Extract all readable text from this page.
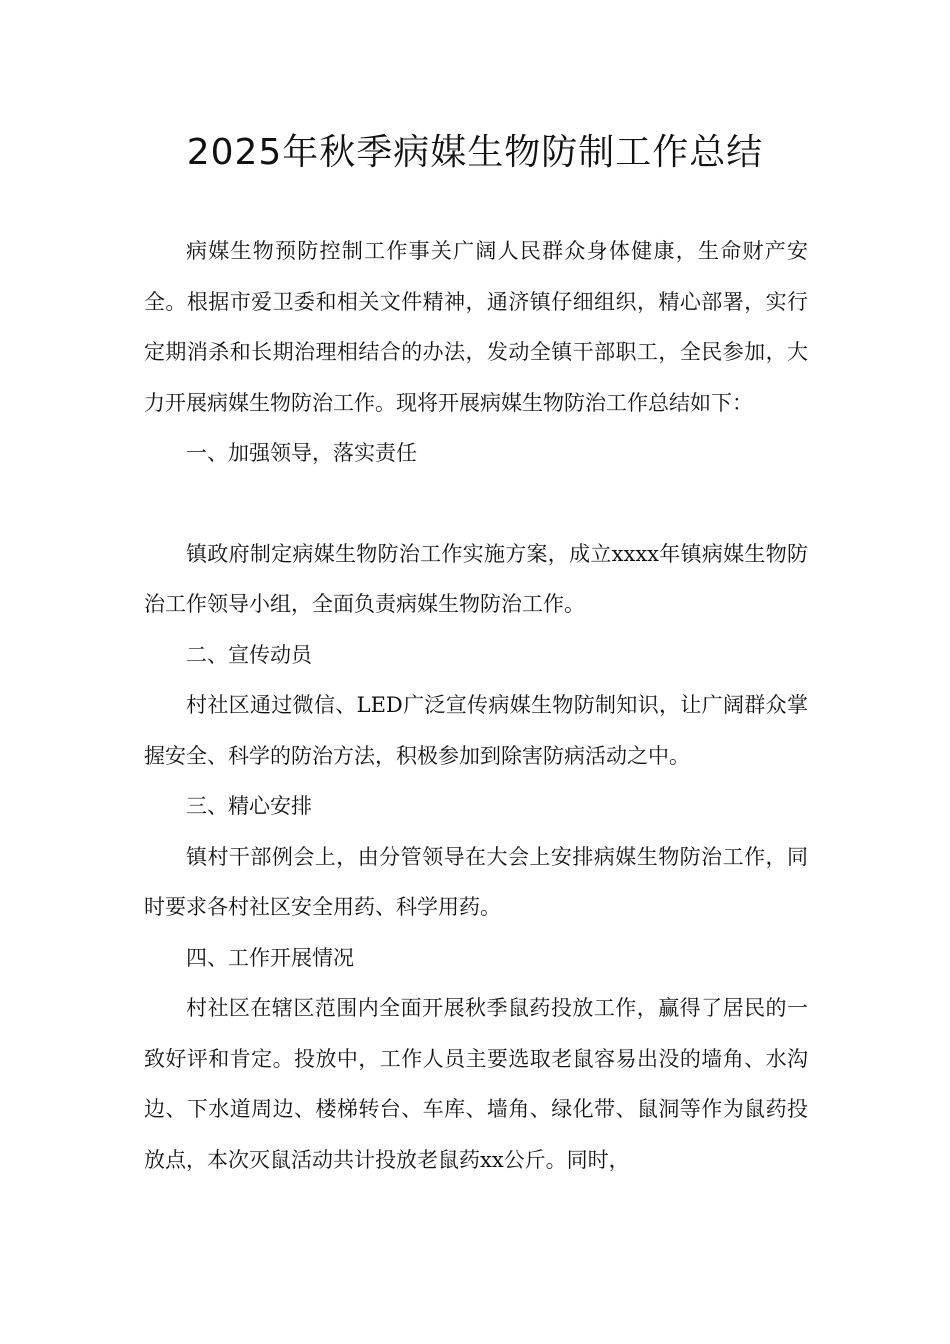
2025年秋季病媒生物防制工作总结

病媒生物预防控制工作事关广阔人民群众身体健康，生命财产安全。根据市爱卫委和相关文件精神，通济镇仔细组织，精心部署，实行定期消杀和长期治理相结合的办法，发动全镇干部职工，全民参加，大力开展病媒生物防治工作。现将开展病媒生物防治工作总结如下：

一、加强领导，落实责任

镇政府制定病媒生物防治工作实施方案，成立xxxx年镇病媒生物防治工作领导小组，全面负责病媒生物防治工作。

二、宣传动员

村社区通过微信、LED广泛宣传病媒生物防制知识，让广阔群众掌握安全、科学的防治方法，积极参加到除害防病活动之中。

三、精心安排

镇村干部例会上，由分管领导在大会上安排病媒生物防治工作，同时要求各村社区安全用药、科学用药。

四、工作开展情况

村社区在辖区范围内全面开展秋季鼠药投放工作，赢得了居民的一致好评和肯定。投放中，工作人员主要选取老鼠容易出没的墙角、水沟边、下水道周边、楼梯转台、车库、墙角、绿化带、鼠洞等作为鼠药投放点，本次灭鼠活动共计投放老鼠药xx公斤。同时，
